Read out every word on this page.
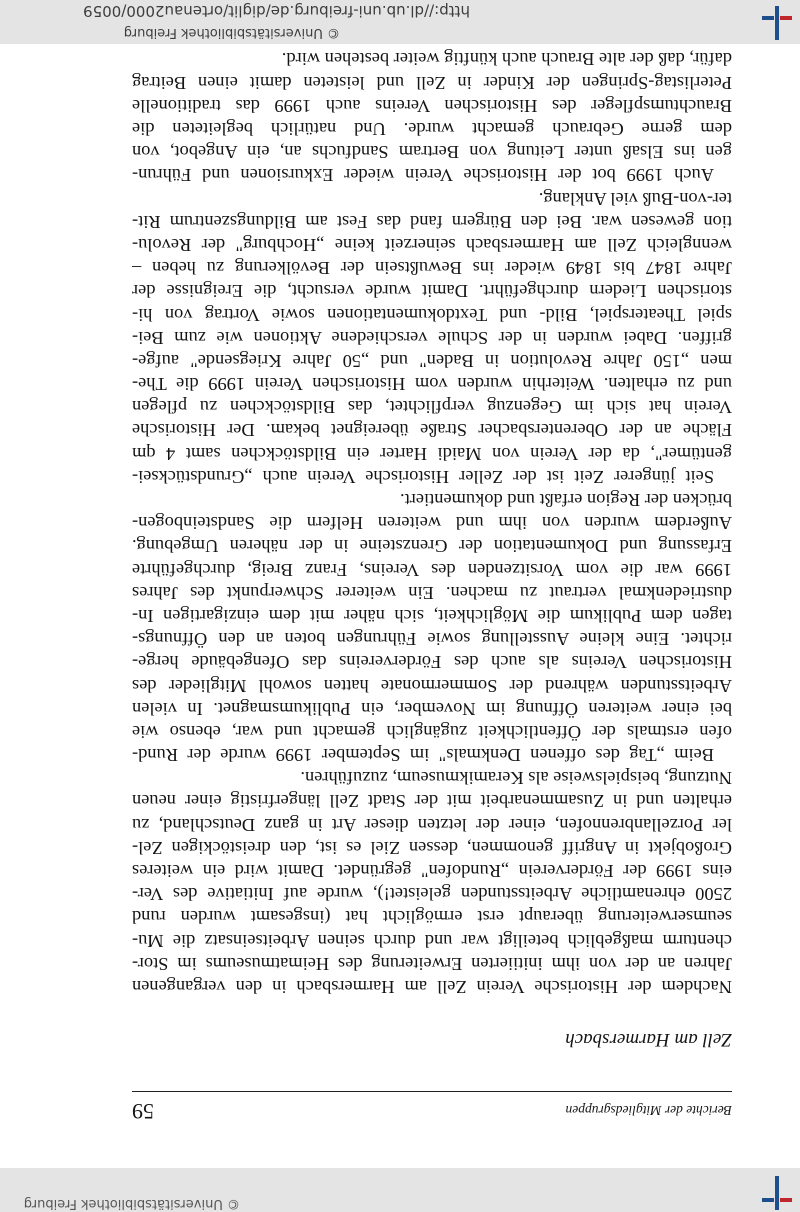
© Universitätsbibliothek Freiburg
Berichte der Mitgliedsgruppen
59
Zell am Harmersbach
Nachdem der Historische Verein Zell am Harmersbach in den vergangenen
Jahren an der von ihm initiierten Erweiterung des Heimatmuseums im Stor-
chenturm maßgeblich beteiligt war und durch seinen Arbeitseinsatz die Mu-
seumserweiterung überaupt erst ermöglicht hat (insgesamt wurden rund
2500 ehrenamtliche Arbeitsstunden geleistet!), wurde auf Initiative des Ver-
eins 1999 der Förderverein „Rundofen" gegründet. Damit wird ein weiteres
Großobjekt in Angriff genommen, dessen Ziel es ist, den dreistöckigen Zel-
ler Porzellanbrennofen, einer der letzten dieser Art in ganz Deutschland, zu
erhalten und in Zusammenarbeit mit der Stadt Zell längerfristig einer neuen
Nutzung, beispielsweise als Keramikmuseum, zuzuführen.
Beim „Tag des offenen Denkmals" im September 1999 wurde der Rund-
ofen erstmals der Öffentlichkeit zugänglich gemacht und war, ebenso wie
bei einer weiteren Öffnung im November, ein Publikumsmagnet. In vielen
Arbeitsstunden während der Sommermonate hatten sowohl Mitglieder des
Historischen Vereins als auch des Fördervereins das Ofengebäude herge-
richtet. Eine kleine Ausstellung sowie Führungen boten an den Öffnungs-
tagen dem Publikum die Möglichkeit, sich näher mit dem einzigartigen In-
dustriedenkmal vertraut zu machen. Ein weiterer Schwerpunkt des Jahres
1999 war die vom Vorsitzenden des Vereins, Franz Breig, durchgeführte
Erfassung und Dokumentation der Grenzsteine in der näheren Umgebung.
Außerdem wurden von ihm und weiteren Helfern die Sandsteinbogen-
brücken der Region erfaßt und dokumentiert.
Seit jüngerer Zeit ist der Zeller Historische Verein auch „Grundstücksei-
gentümer", da der Verein von Maidi Harter ein Bildstöckchen samt 4 qm
Fläche an der Oberentersbacher Straße übereignet bekam. Der Historische
Verein hat sich im Gegenzug verpflichtet, das Bildstöckchen zu pflegen
und zu erhalten. Weiterhin wurden vom Historischen Verein 1999 die The-
men „150 Jahre Revolution in Baden" und „50 Jahre Kriegsende" aufge-
griffen. Dabei wurden in der Schule verschiedene Aktionen wie zum Bei-
spiel Theaterspiel, Bild- und Textdokumentationen sowie Vortrag von hi-
storischen Liedern durchgeführt. Damit wurde versucht, die Ereignisse der
Jahre 1847 bis 1849 wieder ins Bewußtsein der Bevölkerung zu heben –
wenngleich Zell am Harmersbach seinerzeit keine „Hochburg" der Revolu-
tion gewesen war. Bei den Bürgern fand das Fest am Bildungszentrum Rit-
ter-von-Buß viel Anklang.
Auch 1999 bot der Historische Verein wieder Exkursionen und Führun-
gen ins Elsaß unter Leitung von Bertram Sandfuchs an, ein Angebot, von
dem gerne Gebrauch gemacht wurde. Und natürlich begleiteten die
Brauchtumspfleger des Historischen Vereins auch 1999 das traditionelle
Peterlistag-Springen der Kinder in Zell und leisteten damit einen Beitrag
dafür, daß der alte Brauch auch künftig weiter bestehen wird.
© Universitätsbibliothek Freiburg
http://dl.ub.uni-freiburg.de/diglit/ortenau2000/0059
